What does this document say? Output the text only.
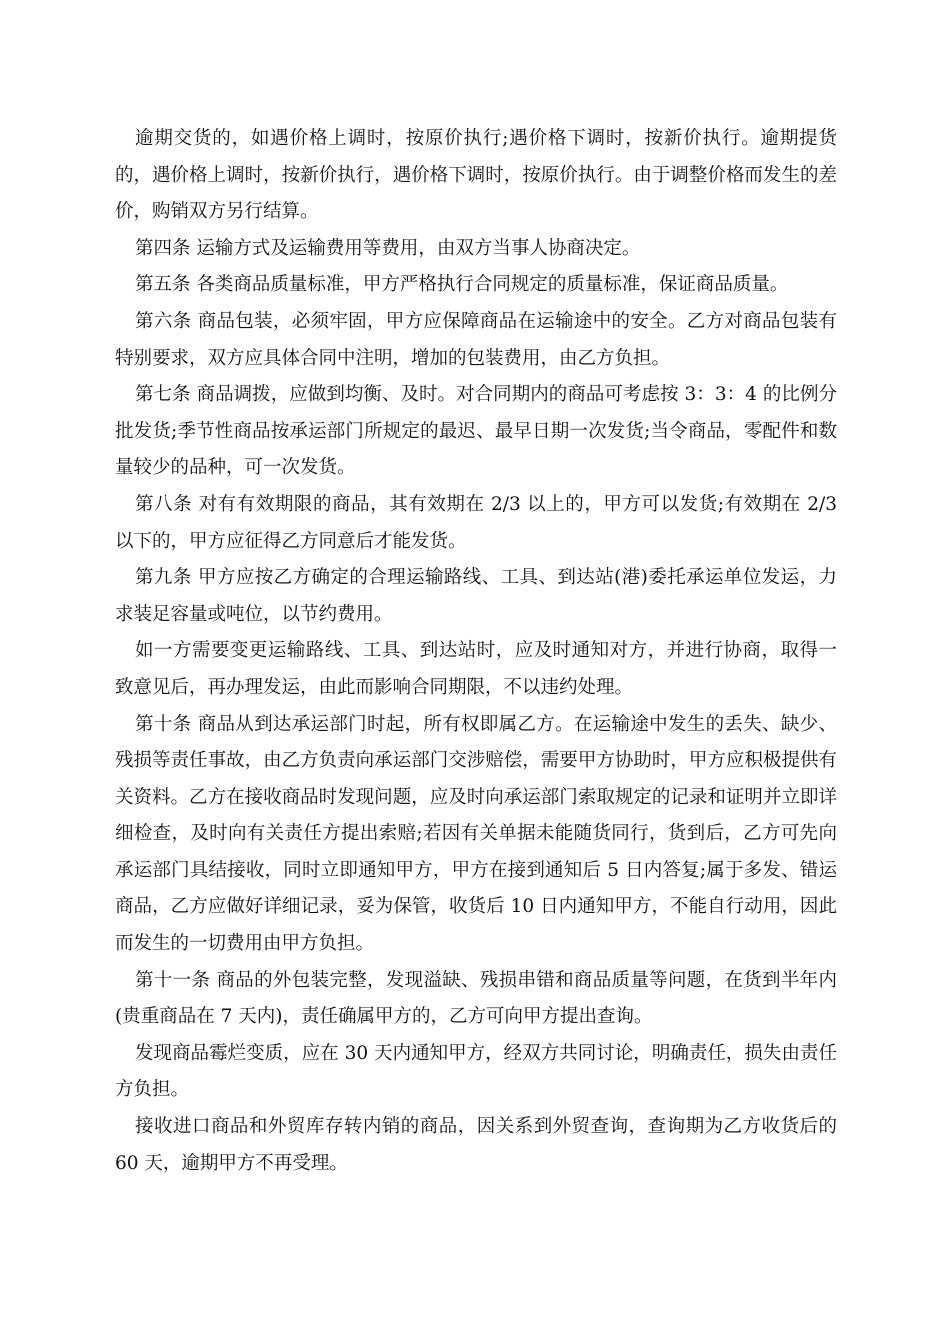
逾期交货的，如遇价格上调时，按原价执行;遇价格下调时，按新价执行。逾期提货的，遇价格上调时，按新价执行，遇价格下调时，按原价执行。由于调整价格而发生的差价，购销双方另行结算。

第四条 运输方式及运输费用等费用，由双方当事人协商决定。

第五条 各类商品质量标准，甲方严格执行合同规定的质量标准，保证商品质量。

第六条 商品包装，必须牢固，甲方应保障商品在运输途中的安全。乙方对商品包装有特别要求，双方应具体合同中注明，增加的包装费用，由乙方负担。

第七条 商品调拨，应做到均衡、及时。对合同期内的商品可考虑按 3：3：4 的比例分批发货;季节性商品按承运部门所规定的最迟、最早日期一次发货;当令商品，零配件和数量较少的品种，可一次发货。

第八条 对有有效期限的商品，其有效期在 2/3 以上的，甲方可以发货;有效期在 2/3 以下的，甲方应征得乙方同意后才能发货。

第九条 甲方应按乙方确定的合理运输路线、工具、到达站(港)委托承运单位发运，力求装足容量或吨位，以节约费用。

如一方需要变更运输路线、工具、到达站时，应及时通知对方，并进行协商，取得一致意见后，再办理发运，由此而影响合同期限，不以违约处理。

第十条 商品从到达承运部门时起，所有权即属乙方。在运输途中发生的丢失、缺少、残损等责任事故，由乙方负责向承运部门交涉赔偿，需要甲方协助时，甲方应积极提供有关资料。乙方在接收商品时发现问题，应及时向承运部门索取规定的记录和证明并立即详细检查，及时向有关责任方提出索赔;若因有关单据未能随货同行，货到后，乙方可先向承运部门具结接收，同时立即通知甲方，甲方在接到通知后 5 日内答复;属于多发、错运商品，乙方应做好详细记录，妥为保管，收货后 10 日内通知甲方，不能自行动用，因此而发生的一切费用由甲方负担。

第十一条 商品的外包装完整，发现溢缺、残损串错和商品质量等问题，在货到半年内(贵重商品在 7 天内)，责任确属甲方的，乙方可向甲方提出查询。

发现商品霉烂变质，应在 30 天内通知甲方，经双方共同讨论，明确责任，损失由责任方负担。

接收进口商品和外贸库存转内销的商品，因关系到外贸查询，查询期为乙方收货后的 60 天，逾期甲方不再受理。
